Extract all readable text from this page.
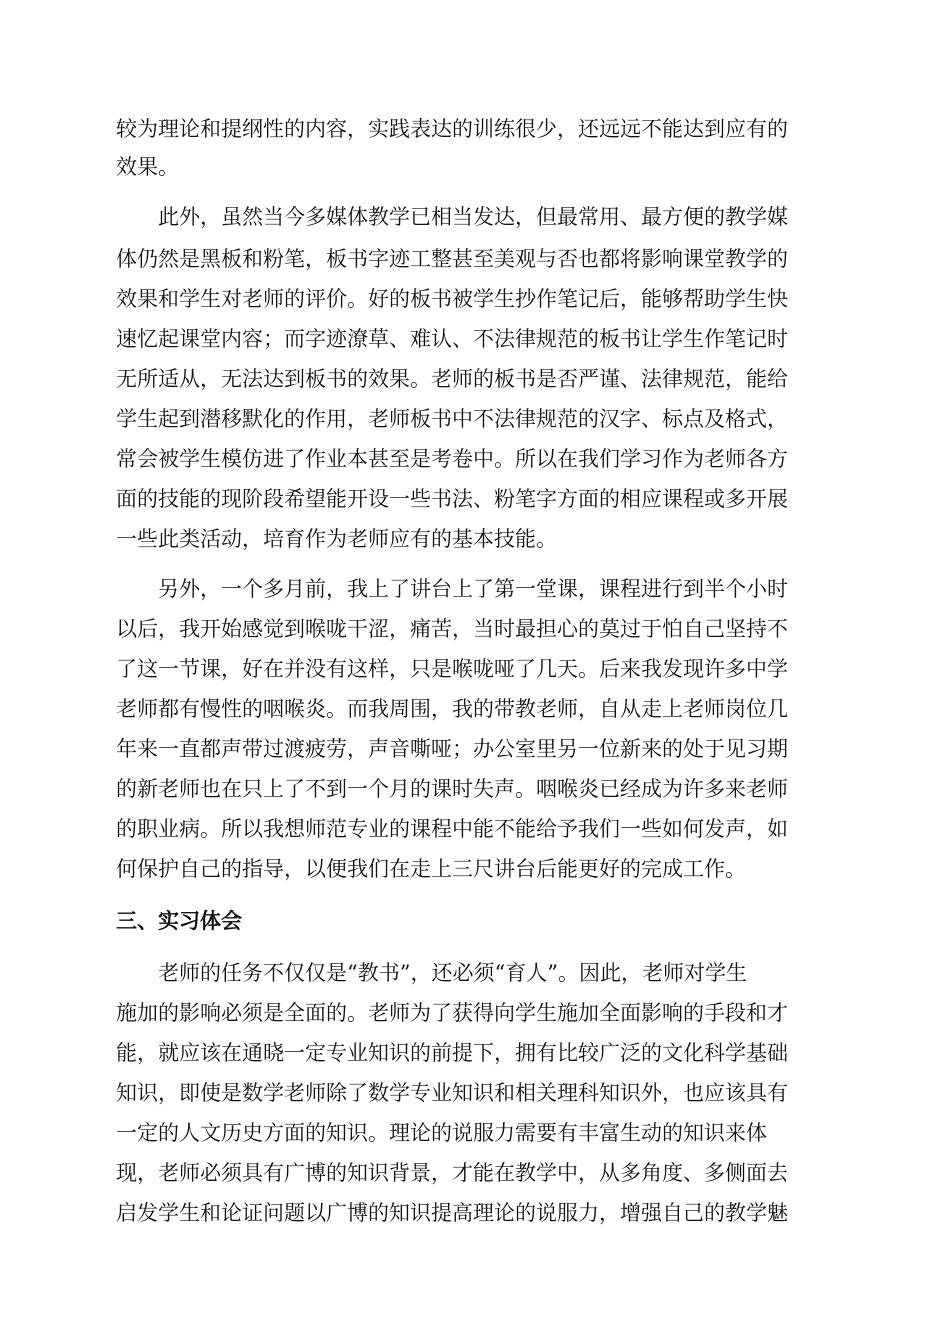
较为理论和提纲性的内容，实践表达的训练很少，还远远不能达到应有的
效果。
此外，虽然当今多媒体教学已相当发达，但最常用、最方便的教学媒
体仍然是黑板和粉笔，板书字迹工整甚至美观与否也都将影响课堂教学的
效果和学生对老师的评价。好的板书被学生抄作笔记后，能够帮助学生快
速忆起课堂内容；而字迹潦草、难认、不法律规范的板书让学生作笔记时
无所适从，无法达到板书的效果。老师的板书是否严谨、法律规范，能给
学生起到潜移默化的作用，老师板书中不法律规范的汉字、标点及格式，
常会被学生模仿进了作业本甚至是考卷中。所以在我们学习作为老师各方
面的技能的现阶段希望能开设一些书法、粉笔字方面的相应课程或多开展
一些此类活动，培育作为老师应有的基本技能。
另外，一个多月前，我上了讲台上了第一堂课，课程进行到半个小时
以后，我开始感觉到喉咙干涩，痛苦，当时最担心的莫过于怕自己坚持不
了这一节课，好在并没有这样，只是喉咙哑了几天。后来我发现许多中学
老师都有慢性的咽喉炎。而我周围，我的带教老师，自从走上老师岗位几
年来一直都声带过渡疲劳，声音嘶哑；办公室里另一位新来的处于见习期
的新老师也在只上了不到一个月的课时失声。咽喉炎已经成为许多来老师
的职业病。所以我想师范专业的课程中能不能给予我们一些如何发声，如
何保护自己的指导，以便我们在走上三尺讲台后能更好的完成工作。
三、实习体会
老师的任务不仅仅是“教书”，还必须“育人”。因此，老师对学生
施加的影响必须是全面的。老师为了获得向学生施加全面影响的手段和才
能，就应该在通晓一定专业知识的前提下，拥有比较广泛的文化科学基础
知识，即使是数学老师除了数学专业知识和相关理科知识外，也应该具有
一定的人文历史方面的知识。理论的说服力需要有丰富生动的知识来体
现，老师必须具有广博的知识背景，才能在教学中，从多角度、多侧面去
启发学生和论证问题以广博的知识提高理论的说服力，增强自己的教学魅
